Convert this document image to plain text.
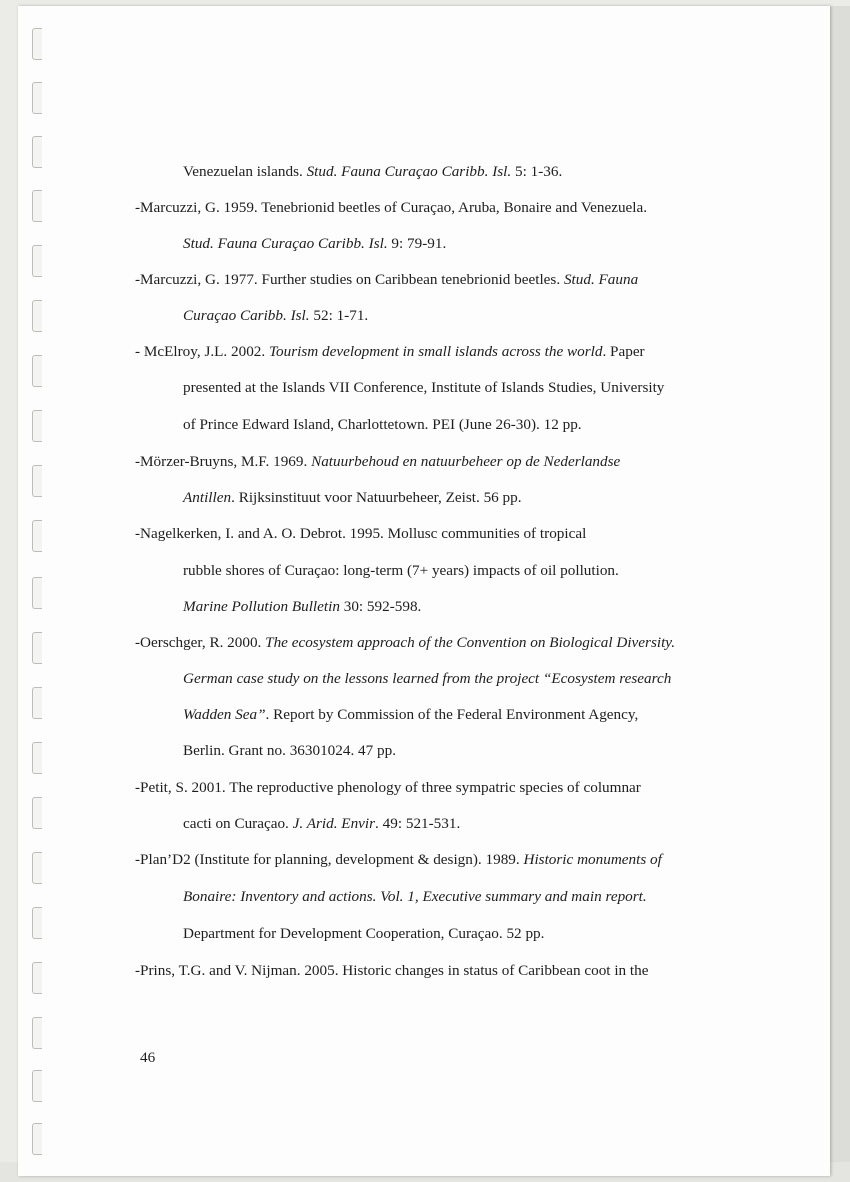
Venezuelan islands. Stud. Fauna Curaçao Caribb. Isl. 5: 1-36.

-Marcuzzi, G. 1959. Tenebrionid beetles of Curaçao, Aruba, Bonaire and Venezuela.

Stud. Fauna Curaçao Caribb. Isl. 9: 79-91.

-Marcuzzi, G. 1977. Further studies on Caribbean tenebrionid beetles. Stud. Fauna

Curaçao Caribb. Isl. 52: 1-71.

- McElroy, J.L. 2002. Tourism development in small islands across the world. Paper

presented at the Islands VII Conference, Institute of Islands Studies, University

of Prince Edward Island, Charlottetown. PEI (June 26-30). 12 pp.

-Mörzer-Bruyns, M.F. 1969. Natuurbehoud en natuurbeheer op de Nederlandse

Antillen. Rijksinstituut voor Natuurbeheer, Zeist. 56 pp.

-Nagelkerken, I. and A. O. Debrot. 1995. Mollusc communities of tropical

rubble shores of Curaçao: long-term (7+ years) impacts of oil pollution.

Marine Pollution Bulletin 30: 592-598.

-Oerschger, R. 2000. The ecosystem approach of the Convention on Biological Diversity.

German case study on the lessons learned from the project “Ecosystem research

Wadden Sea”. Report by Commission of the Federal Environment Agency,

Berlin. Grant no. 36301024. 47 pp.

-Petit, S. 2001. The reproductive phenology of three sympatric species of columnar

cacti on Curaçao. J. Arid. Envir. 49: 521-531.

-Plan’D2 (Institute for planning, development & design). 1989. Historic monuments of

Bonaire: Inventory and actions. Vol. 1, Executive summary and main report.

Department for Development Cooperation, Curaçao. 52 pp.

-Prins, T.G. and V. Nijman. 2005. Historic changes in status of Caribbean coot in the

46
